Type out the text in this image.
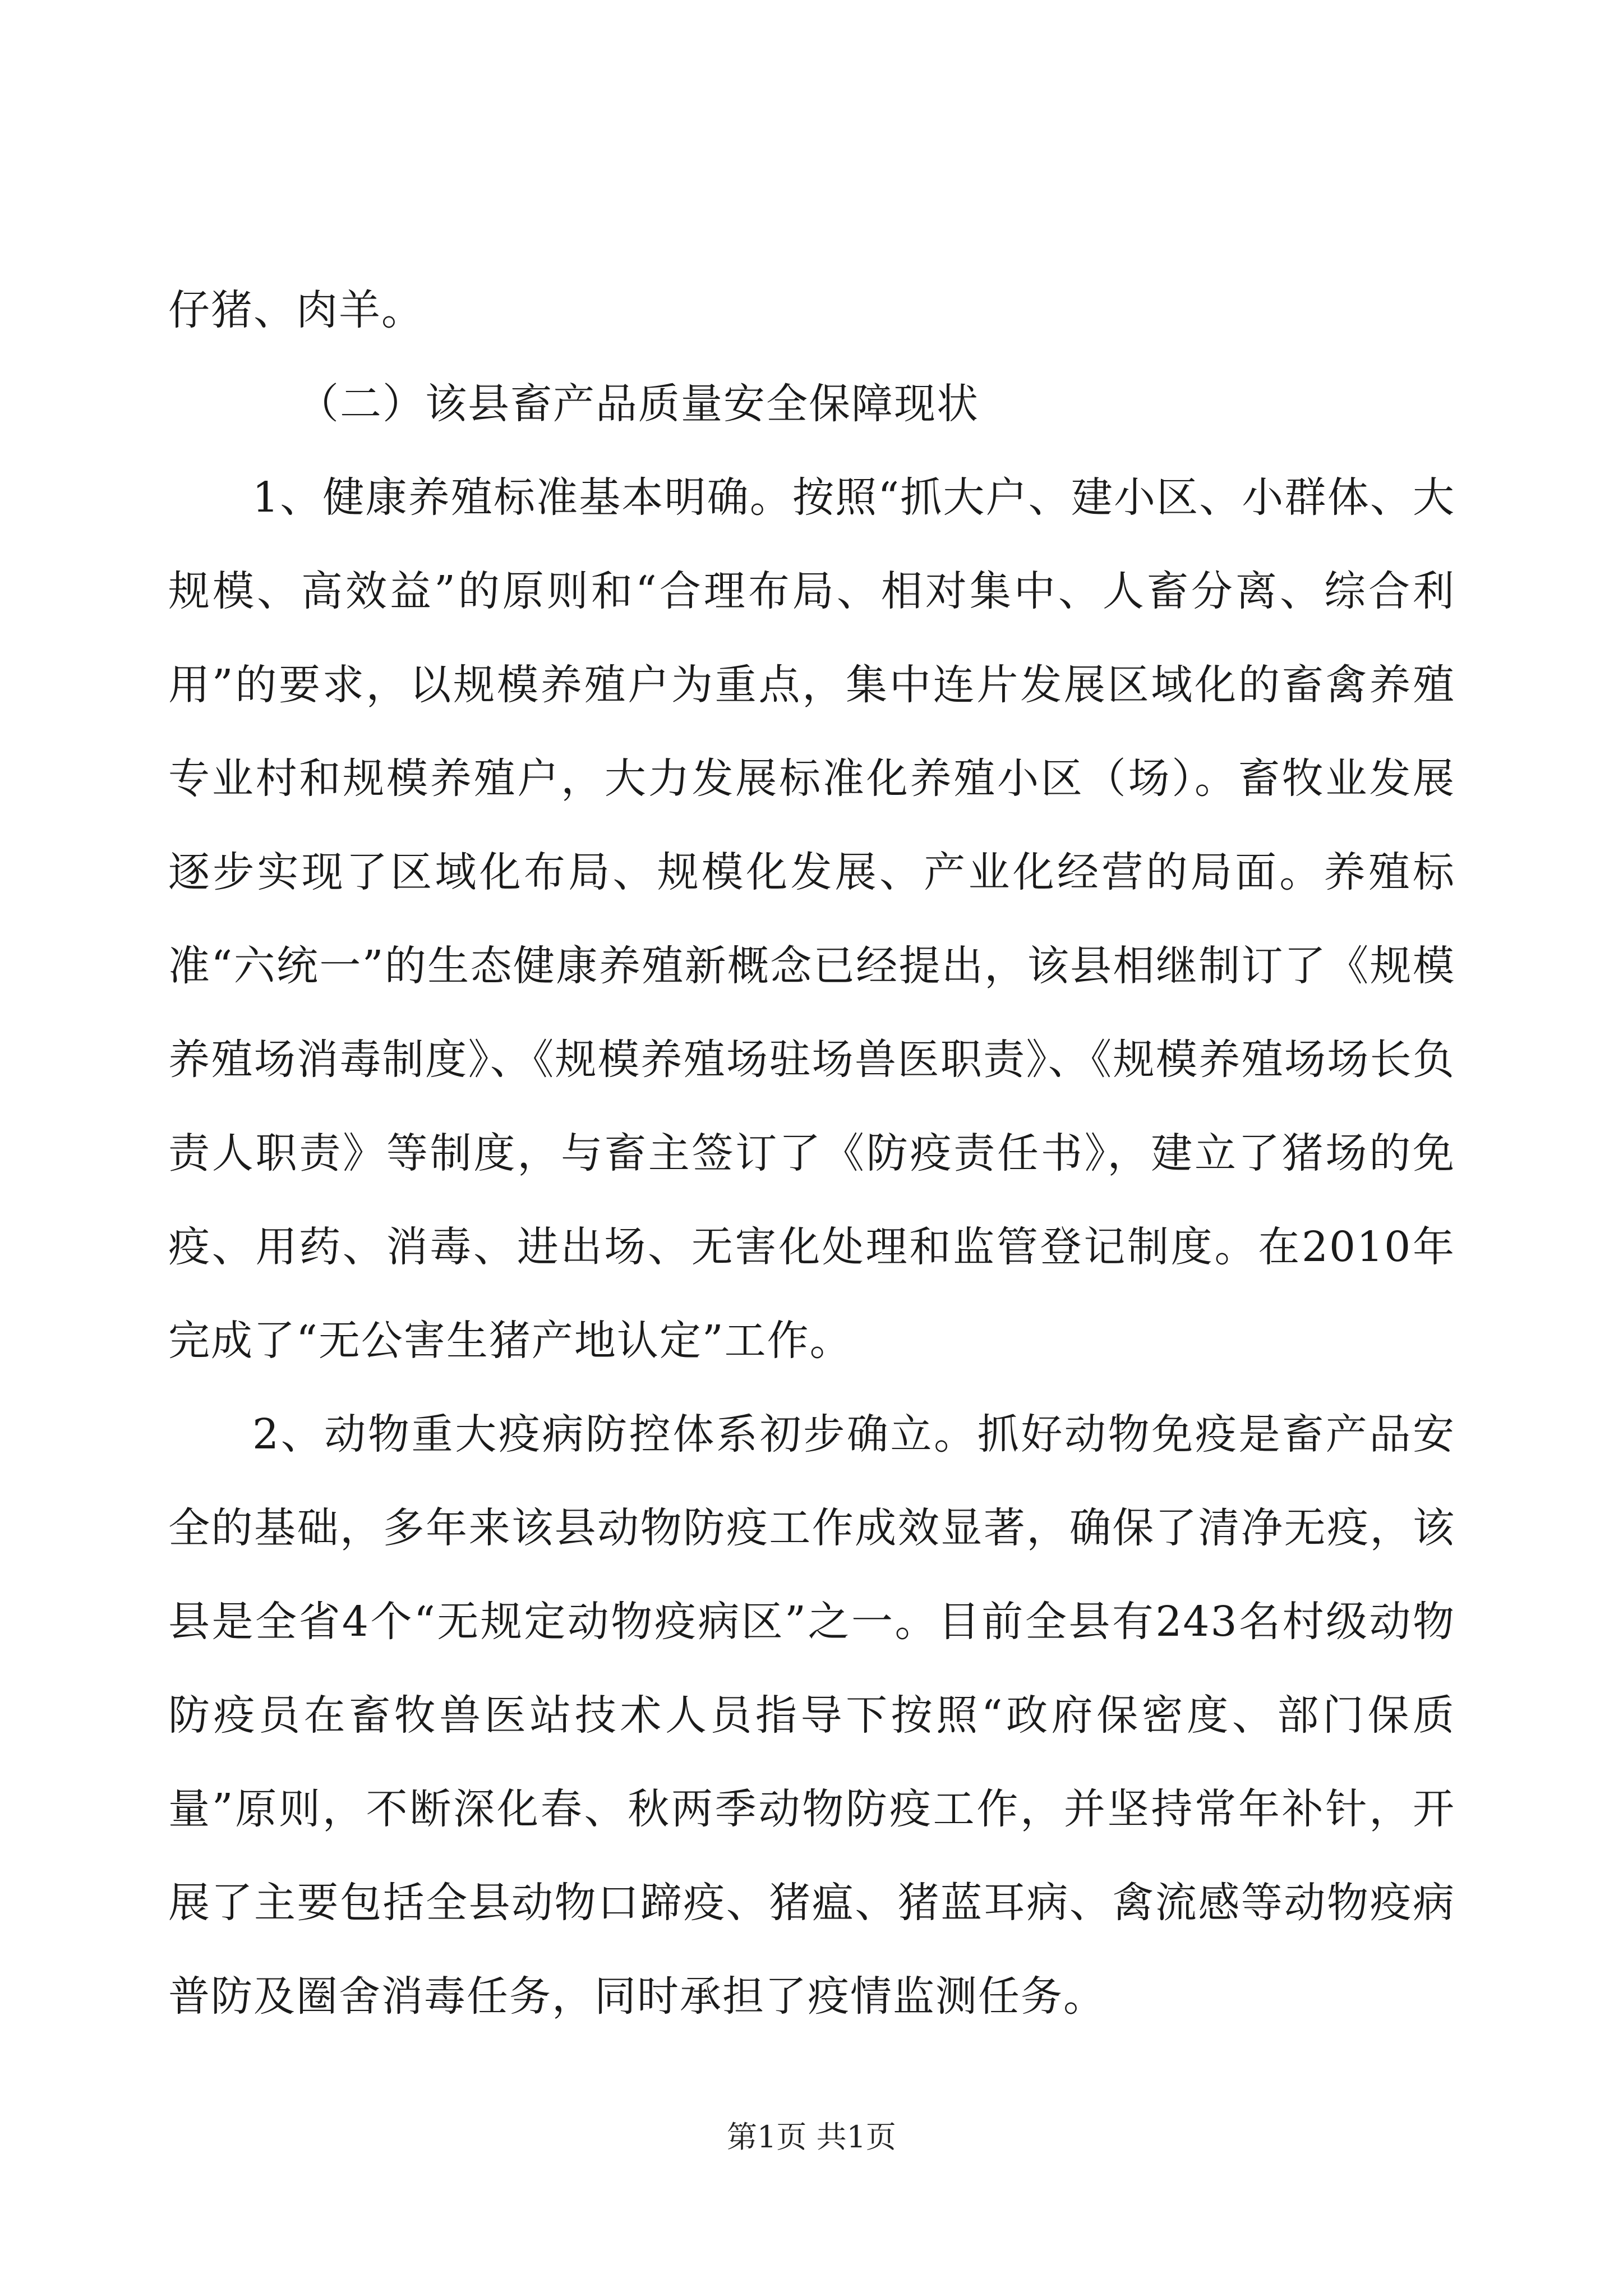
仔猪、肉羊。

（二）该县畜产品质量安全保障现状

1、健康养殖标准基本明确。按照“抓大户、建小区、小群体、大规模、高效益”的原则和“合理布局、相对集中、人畜分离、综合利用”的要求，以规模养殖户为重点，集中连片发展区域化的畜禽养殖专业村和规模养殖户，大力发展标准化养殖小区（场）。畜牧业发展逐步实现了区域化布局、规模化发展、产业化经营的局面。养殖标准“六统一”的生态健康养殖新概念已经提出，该县相继制订了《规模养殖场消毒制度》、《规模养殖场驻场兽医职责》、《规模养殖场场长负责人职责》等制度，与畜主签订了《防疫责任书》，建立了猪场的免疫、用药、消毒、进出场、无害化处理和监管登记制度。在2010年完成了“无公害生猪产地认定”工作。

2、动物重大疫病防控体系初步确立。抓好动物免疫是畜产品安全的基础，多年来该县动物防疫工作成效显著，确保了清净无疫，该县是全省4个“无规定动物疫病区”之一。目前全县有243名村级动物防疫员在畜牧兽医站技术人员指导下按照“政府保密度、部门保质量”原则，不断深化春、秋两季动物防疫工作，并坚持常年补针，开展了主要包括全县动物口蹄疫、猪瘟、猪蓝耳病、禽流感等动物疫病普防及圈舍消毒任务，同时承担了疫情监测任务。

第1页 共1页
